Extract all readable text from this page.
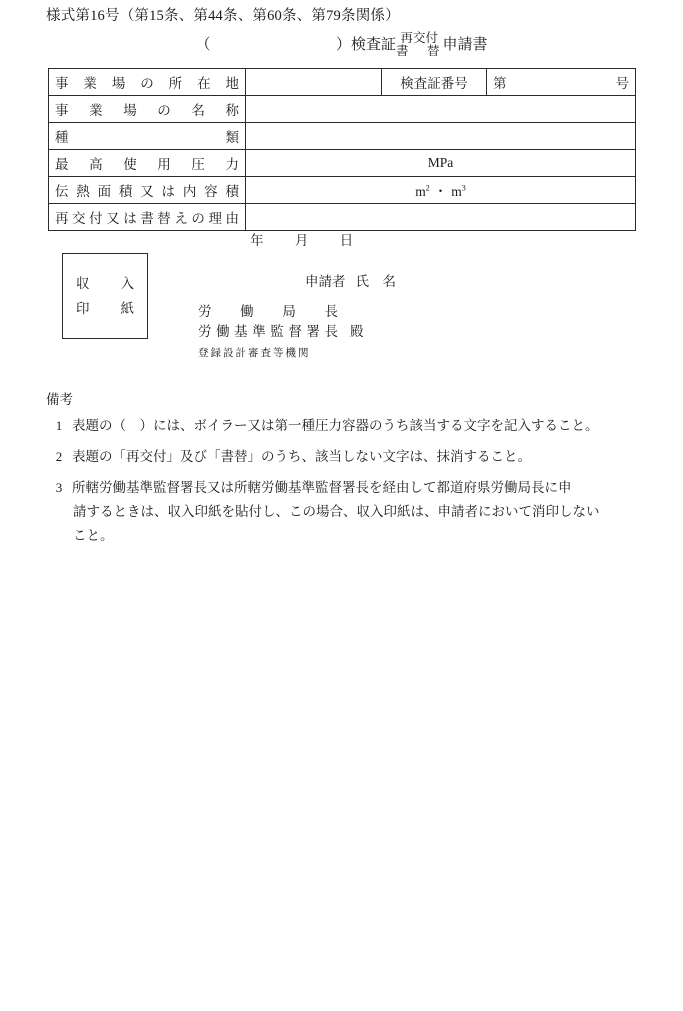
様式第16号（第15条、第44条、第60条、第79条関係）
（	）検査証 再交付
書　替 申請書
事業場の所在地		検査証番号	第　　　号
事業場の名称			
種　　　類			
最高使用圧力	MPa		
伝熱面積又は内容積	$m^2$ ・ $m^3$
再交付又は書替えの理由			
年 月 日
収入
印紙
申請者 氏　名
労働局長
労働基準監督署長 殿
登録設計審査等機関
備考
1 表題の（　）には、ボイラー又は第一種圧力容器のうち該当する文字を記入すること。

2 表題の「再交付」及び「書替」のうち、該当しない文字は、抹消すること。

3 所轄労働基準監督署長又は所轄労働基準監督署長を経由して都道府県労働局長に申

請するときは、収入印紙を貼付し、この場合、収入印紙は、申請者において消印しない

こと。
